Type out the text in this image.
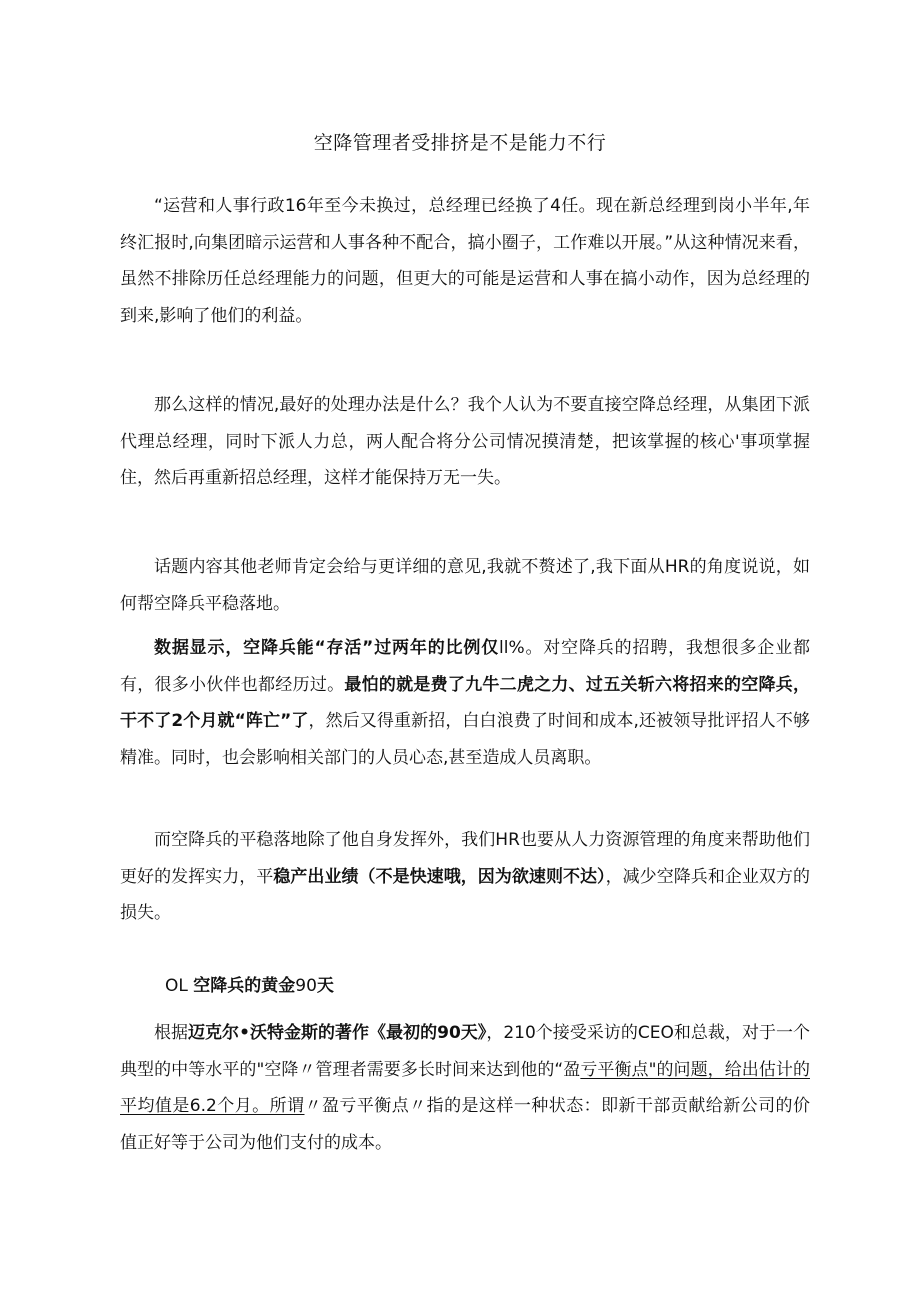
空降管理者受排挤是不是能力不行

“运营和人事行政16年至今未换过，总经理已经换了4任。现在新总经理到岗小半年,年终汇报时,向集团暗示运营和人事各种不配合，搞小圈子，工作难以开展。”从这种情况来看，虽然不排除历任总经理能力的问题，但更大的可能是运营和人事在搞小动作，因为总经理的到来,影响了他们的利益。

那么这样的情况,最好的处理办法是什么？我个人认为不要直接空降总经理，从集团下派代理总经理，同时下派人力总，两人配合将分公司情况摸清楚，把该掌握的核心'事项掌握住，然后再重新招总经理，这样才能保持万无一失。

话题内容其他老师肯定会给与更详细的意见,我就不赘述了,我下面从HR的角度说说，如何帮空降兵平稳落地。

数据显示，空降兵能“存活”过两年的比例仅ll%。对空降兵的招聘，我想很多企业都有，很多小伙伴也都经历过。最怕的就是费了九牛二虎之力、过五关斩六将招来的空降兵，干不了2个月就“阵亡”了，然后又得重新招，白白浪费了时间和成本,还被领导批评招人不够精准。同时，也会影响相关部门的人员心态,甚至造成人员离职。

而空降兵的平稳落地除了他自身发挥外，我们HR也要从人力资源管理的角度来帮助他们更好的发挥实力，平稳产出业绩（不是快速哦，因为欲速则不达），减少空降兵和企业双方的损失。

OL 空降兵的黄金90天

根据迈克尔•沃特金斯的著作《最初的90天》，210个接受采访的CEO和总裁，对于一个典型的中等水平的"空降〃管理者需要多长时间来达到他的“盈亏平衡点"的问题，给出估计的平均值是6.2个月。所谓〃盈亏平衡点〃指的是这样一种状态：即新干部贡献给新公司的价值正好等于公司为他们支付的成本。
